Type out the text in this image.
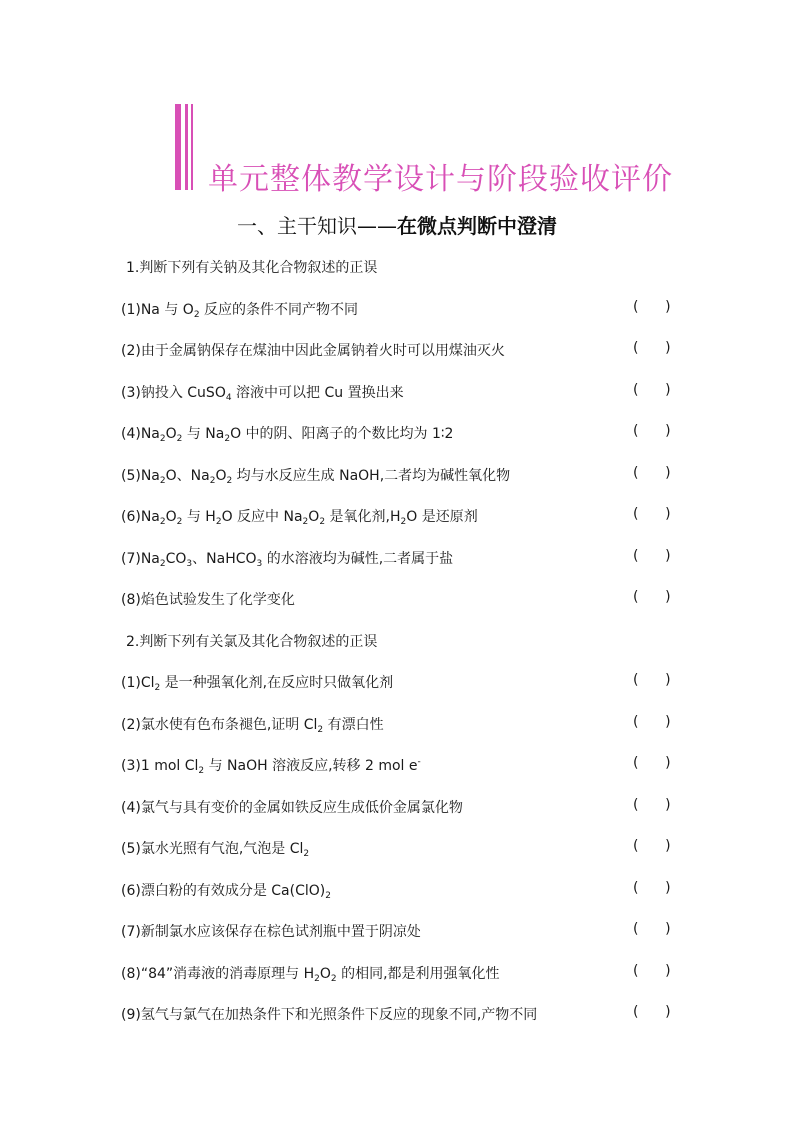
单元整体教学设计与阶段验收评价
一、主干知识——在微点判断中澄清
1.判断下列有关钠及其化合物叙述的正误
(1)Na 与 $O_2$ 反应的条件不同产物不同	(      )
(2)由于金属钠保存在煤油中因此金属钠着火时可以用煤油灭火	(      )
(3)钠投入 CuSO$_4$ 溶液中可以把 Cu 置换出来	(      )
$(4)Na_2O_2$ 与 $Na_2O$ 中的阴、阳离子的个数比均为 1∶2	(      )
$(5)Na_2O$、$Na_2O_2$ 均与水反应生成 NaOH,二者均为碱性氧化物	(      )
$(6)Na_2O_2$ 与 $H_2O$ 反应中 $Na_2O_2$ 是氧化剂$,H_2O$ 是还原剂	(      )
$(7)Na_2CO_3$、NaHCO$_3$ 的水溶液均为碱性,二者属于盐	(      )
(8)焰色试验发生了化学变化	(      )
2.判断下列有关氯及其化合物叙述的正误
$(1)Cl_2$ 是一种强氧化剂,在反应时只做氧化剂	(      )
(2)氯水使有色布条褪色,证明 $Cl_2$ 有漂白性	(      )
(3)1 mol $Cl_2$ 与 NaOH 溶液反应,转移 2 mol e-	(      )
(4)氯气与具有变价的金属如铁反应生成低价金属氯化物	(      )
(5)氯水光照有气泡,气泡是 $Cl_2$	(      )
(6)漂白粉的有效成分是 $Ca(ClO)_2$	(      )
(7)新制氯水应该保存在棕色试剂瓶中置于阴凉处	(      )
(8)“84”消毒液的消毒原理与 $H_2O_2$ 的相同,都是利用强氧化性	(      )
(9)氢气与氯气在加热条件下和光照条件下反应的现象不同,产物不同	(      )
